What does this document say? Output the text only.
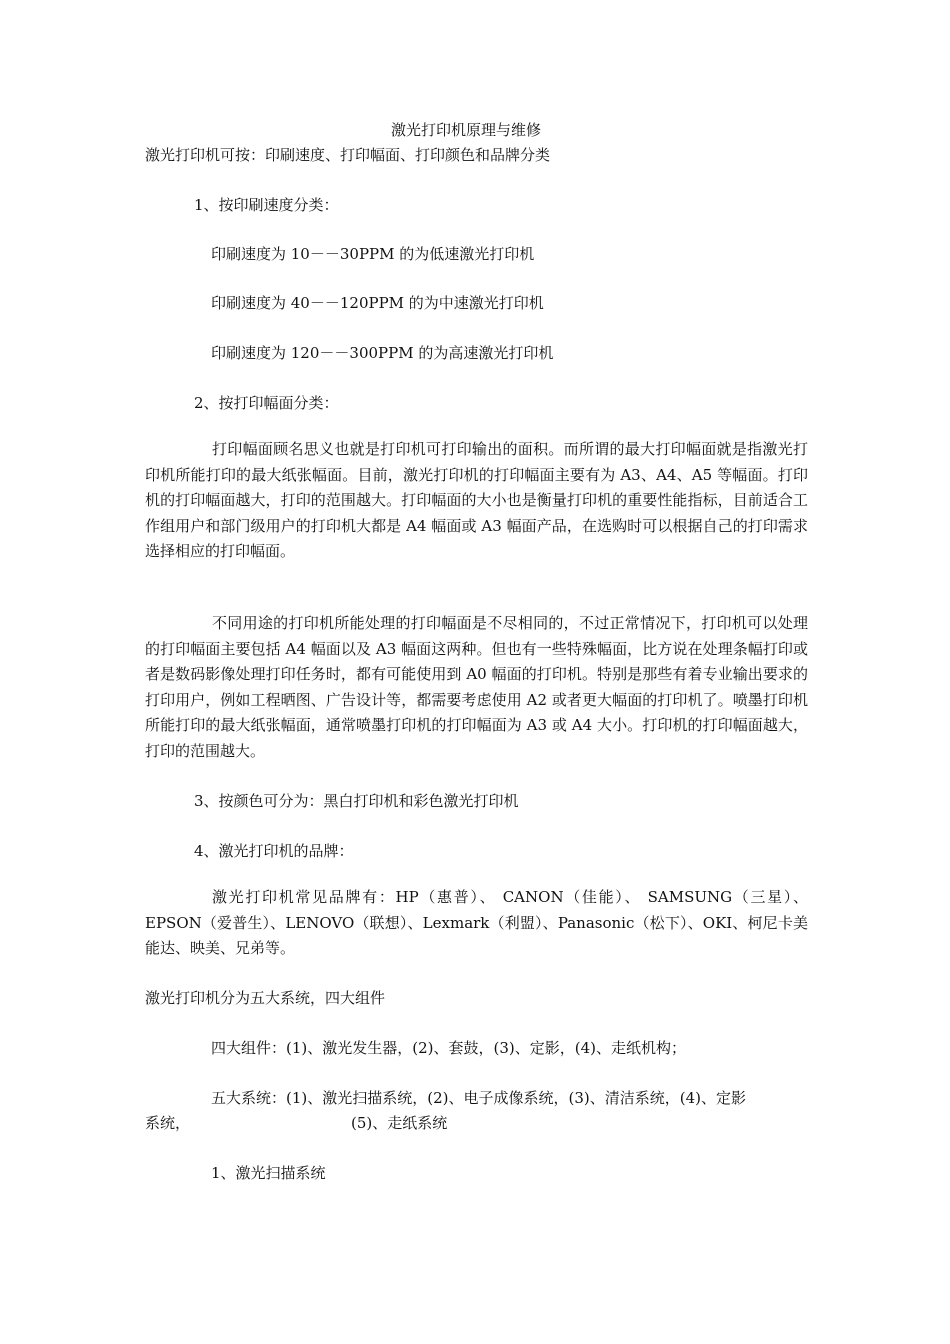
激光打印机原理与维修
激光打印机可按：印刷速度、打印幅面、打印颜色和品牌分类
1、按印刷速度分类：
印刷速度为 10－－30PPM 的为低速激光打印机
印刷速度为 40－－120PPM 的为中速激光打印机
印刷速度为 120－－300PPM 的为高速激光打印机
2、按打印幅面分类：

打印幅面顾名思义也就是打印机可打印输出的面积。而所谓的最大打印幅面就是指激光打印机所能打印的最大纸张幅面。目前，激光打印机的打印幅面主要有为 A3、A4、A5 等幅面。打印机的打印幅面越大，打印的范围越大。打印幅面的大小也是衡量打印机的重要性能指标，目前适合工作组用户和部门级用户的打印机大都是 A4 幅面或 A3 幅面产品，在选购时可以根据自己的打印需求选择相应的打印幅面。

不同用途的打印机所能处理的打印幅面是不尽相同的，不过正常情况下，打印机可以处理的打印幅面主要包括 A4 幅面以及 A3 幅面这两种。但也有一些特殊幅面，比方说在处理条幅打印或者是数码影像处理打印任务时，都有可能使用到 A0 幅面的打印机。特别是那些有着专业输出要求的打印用户，例如工程晒图、广告设计等，都需要考虑使用 A2 或者更大幅面的打印机了。喷墨打印机所能打印的最大纸张幅面，通常喷墨打印机的打印幅面为 A3 或 A4 大小。打印机的打印幅面越大，打印的范围越大。

3、按颜色可分为：黑白打印机和彩色激光打印机
4、激光打印机的品牌：

激光打印机常见品牌有：HP（惠普）、 CANON（佳能）、 SAMSUNG（三星）、EPSON（爱普生）、LENOVO（联想）、Lexmark（利盟）、Panasonic（松下）、OKI、柯尼卡美能达、映美、兄弟等。

激光打印机分为五大系统，四大组件
四大组件：(1)、激光发生器，(2)、套鼓，(3)、定影，(4)、走纸机构；
五大系统：(1)、激光扫描系统，(2)、电子成像系统，(3)、清洁系统，(4)、定影
系统，	(5)、走纸系统
1、激光扫描系统
